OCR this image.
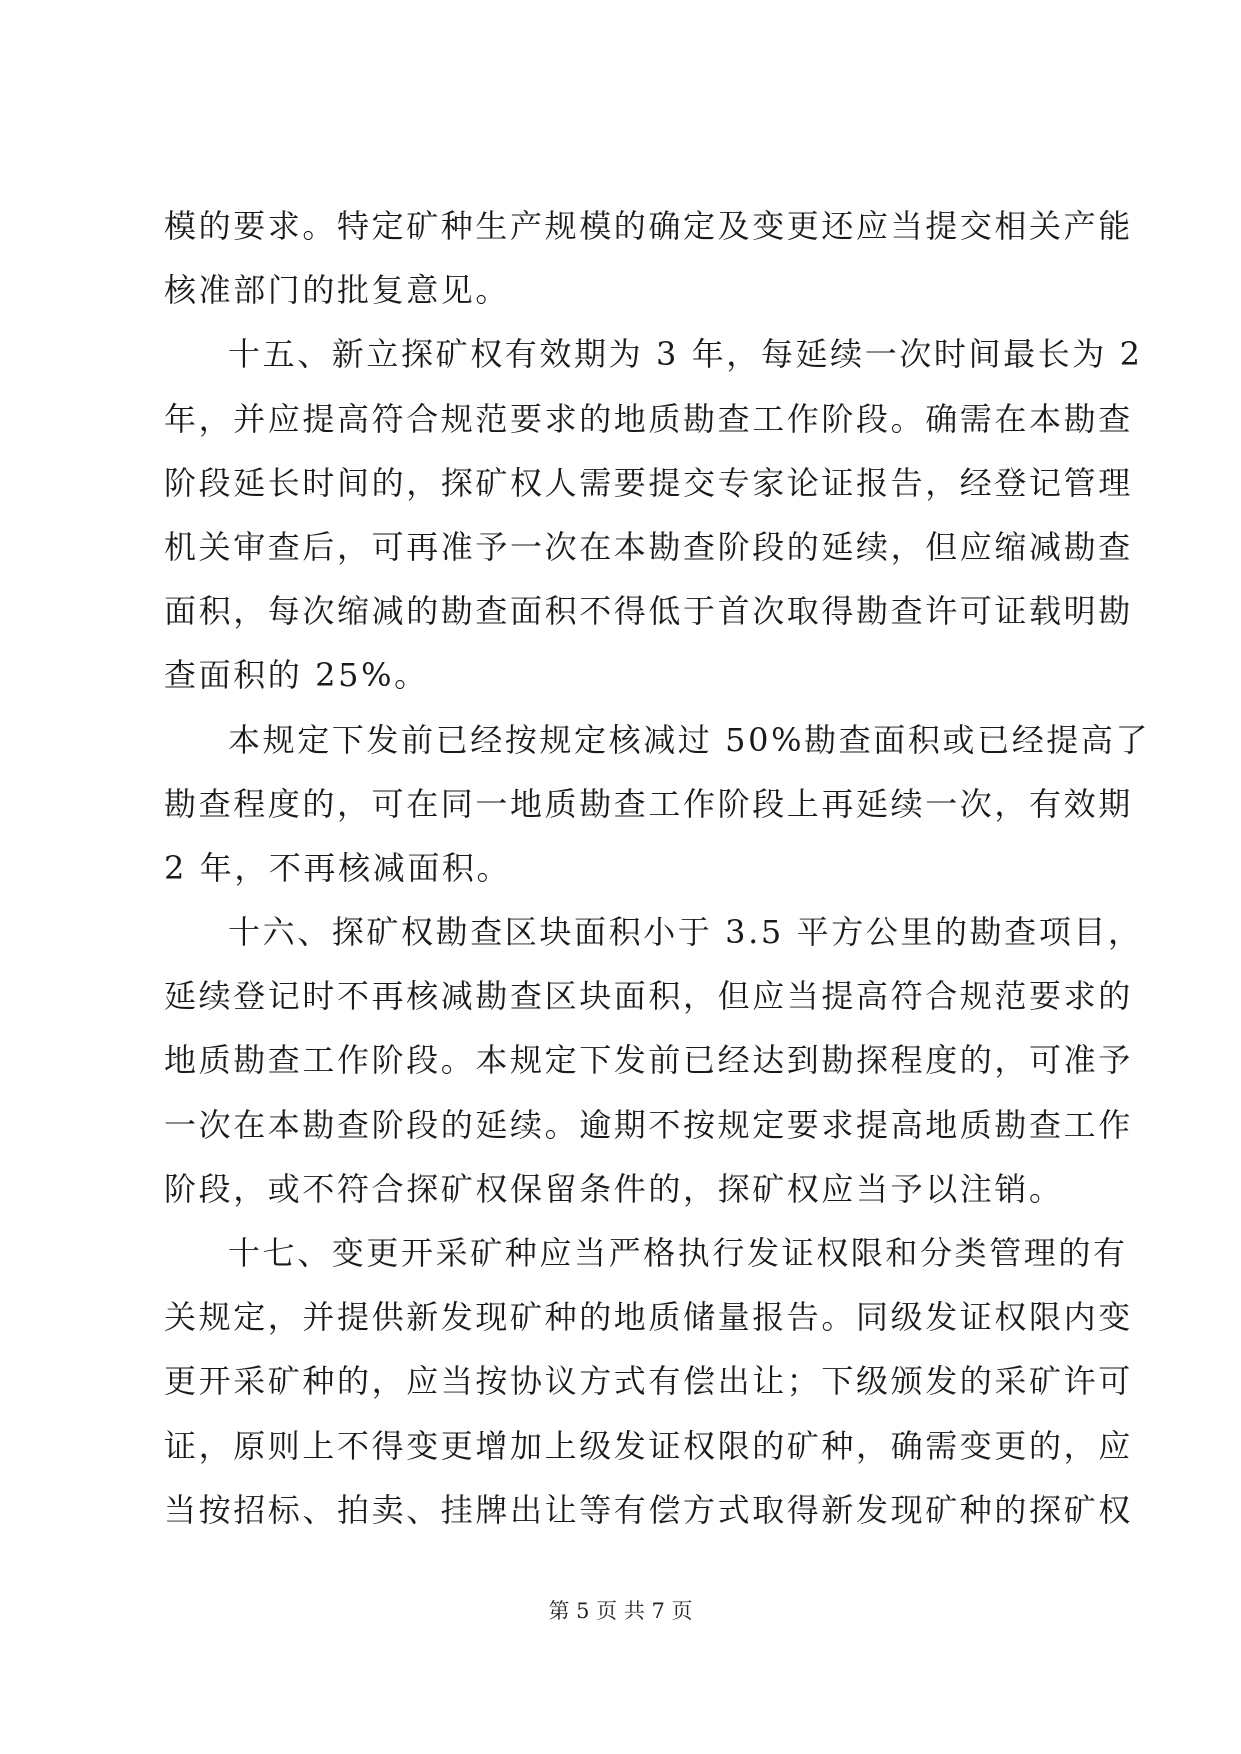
模的要求。特定矿种生产规模的确定及变更还应当提交相关产能
核准部门的批复意见。
十五、新立探矿权有效期为 3 年，每延续一次时间最长为 2
年，并应提高符合规范要求的地质勘查工作阶段。确需在本勘查
阶段延长时间的，探矿权人需要提交专家论证报告，经登记管理
机关审查后，可再准予一次在本勘查阶段的延续，但应缩减勘查
面积，每次缩减的勘查面积不得低于首次取得勘查许可证载明勘
查面积的 25%。
本规定下发前已经按规定核减过 50%勘查面积或已经提高了
勘查程度的，可在同一地质勘查工作阶段上再延续一次，有效期
2 年，不再核减面积。
十六、探矿权勘查区块面积小于 3.5 平方公里的勘查项目，
延续登记时不再核减勘查区块面积，但应当提高符合规范要求的
地质勘查工作阶段。本规定下发前已经达到勘探程度的，可准予
一次在本勘查阶段的延续。逾期不按规定要求提高地质勘查工作
阶段，或不符合探矿权保留条件的，探矿权应当予以注销。
十七、变更开采矿种应当严格执行发证权限和分类管理的有
关规定，并提供新发现矿种的地质储量报告。同级发证权限内变
更开采矿种的，应当按协议方式有偿出让；下级颁发的采矿许可
证，原则上不得变更增加上级发证权限的矿种，确需变更的，应
当按招标、拍卖、挂牌出让等有偿方式取得新发现矿种的探矿权
第 5 页 共 7 页
